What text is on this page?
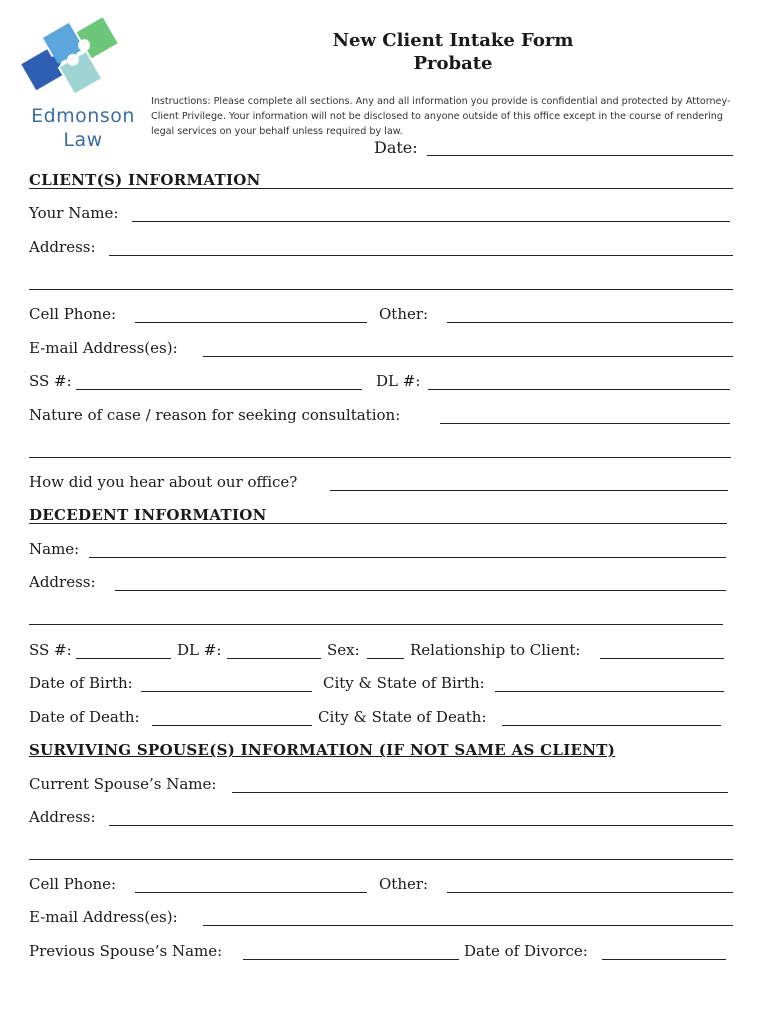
Edmonson
Law
New Client Intake Form
Probate
Instructions: Please complete all sections. Any and all information you provide is confidential and protected by Attorney-Client Privilege. Your information will not be disclosed to anyone outside of this office except in the course of rendering legal services on your behalf unless required by law.
Date:
CLIENT(S) INFORMATION
Your Name:
Address:
Cell Phone:	Other:
E-mail Address(es):
SS #:	DL #:
Nature of case / reason for seeking consultation:
How did you hear about our office?
DECEDENT INFORMATION
Name:
Address:
SS #:	DL #:	Sex:	Relationship to Client:
Date of Birth:	City & State of Birth:
Date of Death:	City & State of Death:
SURVIVING SPOUSE(S) INFORMATION (IF NOT SAME AS CLIENT)
Current Spouse’s Name:
Address:
Cell Phone:	Other:
E-mail Address(es):
Previous Spouse’s Name:	Date of Divorce:
